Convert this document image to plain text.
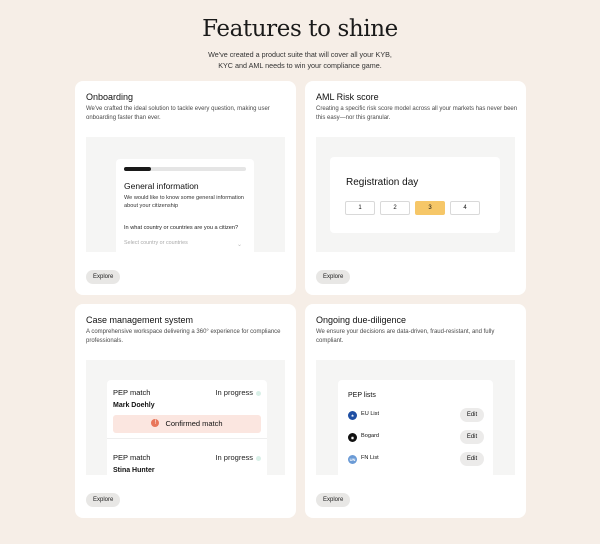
Features to shine

We've created a product suite that will cover all your KYB,
KYC and AML needs to win your compliance game.

Onboarding
We've crafted the ideal solution to tackle every question, making user onboarding faster than ever.
General information
We would like to know some general information about your citizenship
In what country or countries are you a citizen?
Select country or countries	⌄
Explore
AML Risk score
Creating a specific risk score model across all your markets has never been this easy—nor this granular.
Registration day
1	2	3	4
Explore
Case management system
A comprehensive workspace delivering a 360° experience for compliance professionals.
PEP match	In progress
Mark Doehly
! Confirmed match
PEP match	In progress
Stina Hunter
Explore
Ongoing due-diligence
We ensure your decisions are data-driven, fraud-resistant, and fully compliant.
PEP lists
★	EU List	Edit
◉	Bogard	Edit
UN FN List	Edit
Explore
